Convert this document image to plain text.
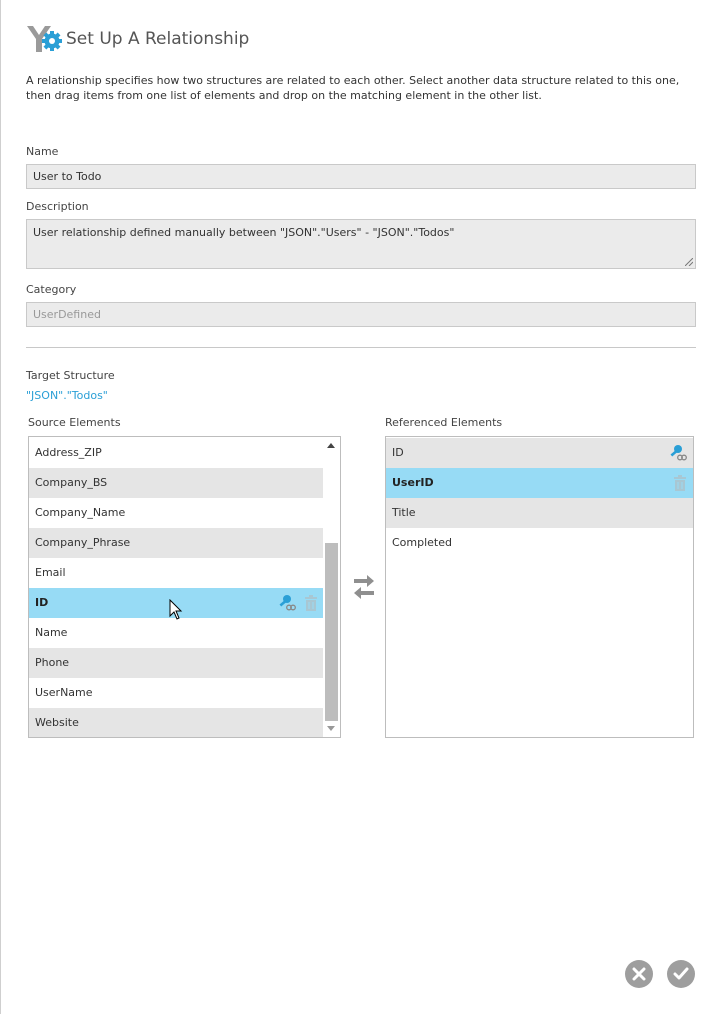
Set Up A Relationship
A relationship specifies how two structures are related to each other. Select another data structure related to this one, then drag items from one list of elements and drop on the matching element in the other list.
Name
User to Todo
Description
User relationship defined manually between "JSON"."Users" - "JSON"."Todos"
Category
UserDefined
Target Structure
"JSON"."Todos"
Source Elements
Address_ZIP
Company_BS
Company_Name
Company_Phrase
Email
ID
Name
Phone
UserName
Website
Referenced Elements
ID
UserID
Title
Completed
